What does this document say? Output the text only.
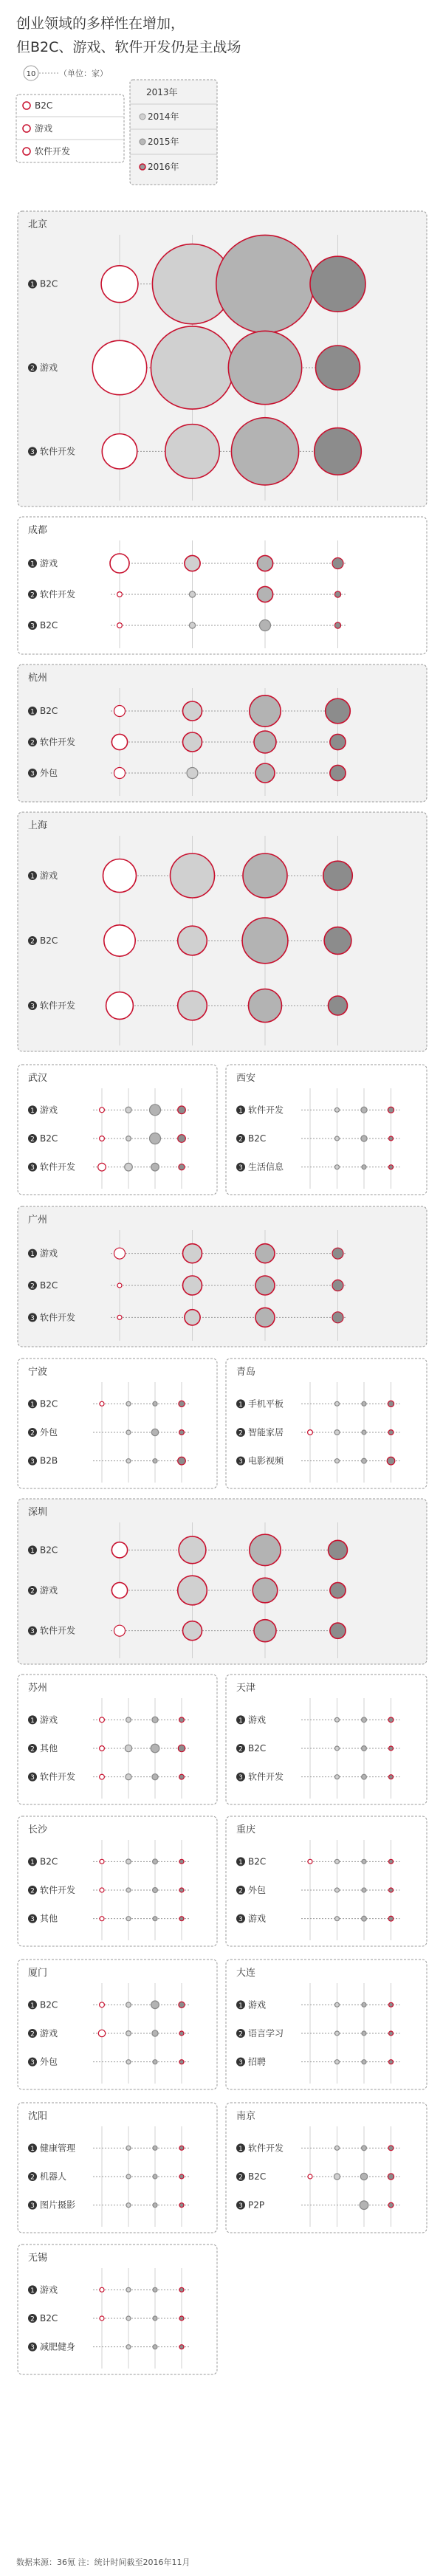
创业领域的多样性在增加，
但B2C、游戏、软件开发仍是主战场
10	（单位：家）
B2C
游戏
软件开发
2013年
2014年
2015年
2016年
北京
1 B2C
2 游戏
3 软件开发
成都
1 游戏
2 软件开发
3 B2C
杭州
1 B2C
2 软件开发
3 外包
上海
1 游戏
2 B2C
3 软件开发
武汉
1 游戏
2 B2C
3 软件开发
西安
1 软件开发
2 B2C
3 生活信息
广州
1 游戏
2 B2C
3 软件开发
宁波
1 B2C
2 外包
3 B2B
青岛
1 手机平板
2 智能家居
3 电影视频
深圳
1 B2C
2 游戏
3 软件开发
苏州
1 游戏
2 其他
3 软件开发
天津
1 游戏
2 B2C
3 软件开发
长沙
1 B2C
2 软件开发
3 其他
重庆
1 B2C
2 外包
3 游戏
厦门
1 B2C
2 游戏
3 外包
大连
1 游戏
2 语言学习
3 招聘
沈阳
1 健康管理
2 机器人
3 图片摄影
南京
1 软件开发
2 B2C
3 P2P
无锡
1 游戏
2 B2C
3 减肥健身
数据来源：36氪 注：统计时间截至2016年11月
